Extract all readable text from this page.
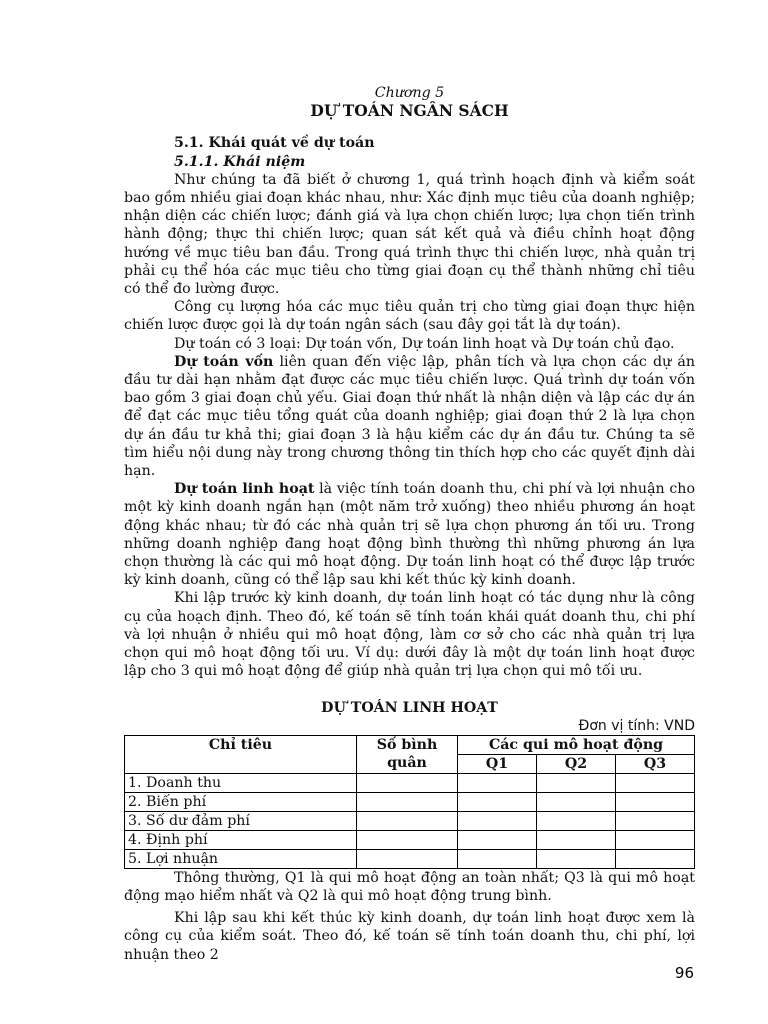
Chương 5
DỰ TOÁN NGÂN SÁCH
5.1. Khái quát về dự toán
5.1.1. Khái niệm

Như chúng ta đã biết ở chương 1, quá trình hoạch định và kiểm soát bao gồm nhiều giai đoạn khác nhau, như: Xác định mục tiêu của doanh nghiệp; nhận diện các chiến lược; đánh giá và lựa chọn chiến lược; lựa chọn tiến trình hành động; thực thi chiến lược; quan sát kết quả và điều chỉnh hoạt động hướng về mục tiêu ban đầu. Trong quá trình thực thi chiến lược, nhà quản trị phải cụ thể hóa các mục tiêu cho từng giai đoạn cụ thể thành những chỉ tiêu có thể đo lường được.

Công cụ lượng hóa các mục tiêu quản trị cho từng giai đoạn thực hiện chiến lược được gọi là dự toán ngân sách (sau đây gọi tắt là dự toán).

Dự toán có 3 loại: Dự toán vốn, Dự toán linh hoạt và Dự toán chủ đạo.

Dự toán vốn liên quan đến việc lập, phân tích và lựa chọn các dự án đầu tư dài hạn nhằm đạt được các mục tiêu chiến lược. Quá trình dự toán vốn bao gồm 3 giai đoạn chủ yếu. Giai đoạn thứ nhất là nhận diện và lập các dự án để đạt các mục tiêu tổng quát của doanh nghiệp; giai đoạn thứ 2 là lựa chọn dự án đầu tư khả thi; giai đoạn 3 là hậu kiểm các dự án đầu tư. Chúng ta sẽ tìm hiểu nội dung này trong chương thông tin thích hợp cho các quyết định dài hạn.

Dự toán linh hoạt là việc tính toán doanh thu, chi phí và lợi nhuận cho một kỳ kinh doanh ngắn hạn (một năm trở xuống) theo nhiều phương án hoạt động khác nhau; từ đó các nhà quản trị sẽ lựa chọn phương án tối ưu. Trong những doanh nghiệp đang hoạt động bình thường thì những phương án lựa chọn thường là các qui mô hoạt động. Dự toán linh hoạt có thể được lập trước kỳ kinh doanh, cũng có thể lập sau khi kết thúc kỳ kinh doanh.

Khi lập trước kỳ kinh doanh, dự toán linh hoạt có tác dụng như là công cụ của hoạch định. Theo đó, kế toán sẽ tính toán khái quát doanh thu, chi phí và lợi nhuận ở nhiều qui mô hoạt động, làm cơ sở cho các nhà quản trị lựa chọn qui mô hoạt động tối ưu. Ví dụ: dưới đây là một dự toán linh hoạt được lập cho 3 qui mô hoạt động để giúp nhà quản trị lựa chọn qui mô tối ưu.

DỰ TOÁN LINH HOẠT
Đơn vị tính: VND
Chỉ tiêu	Số bình quân	Các qui mô hoạt động		
		Q1	Q2	Q3
1. Doanh thu				
2. Biến phí				
3. Số dư đảm phí				
4. Định phí				
5. Lợi nhuận				

Thông thường, Q1 là qui mô hoạt động an toàn nhất; Q3 là qui mô hoạt động mạo hiểm nhất và Q2 là qui mô hoạt động trung bình.

Khi lập sau khi kết thúc kỳ kinh doanh, dự toán linh hoạt được xem là công cụ của kiểm soát. Theo đó, kế toán sẽ tính toán doanh thu, chi phí, lợi nhuận theo 2

96
